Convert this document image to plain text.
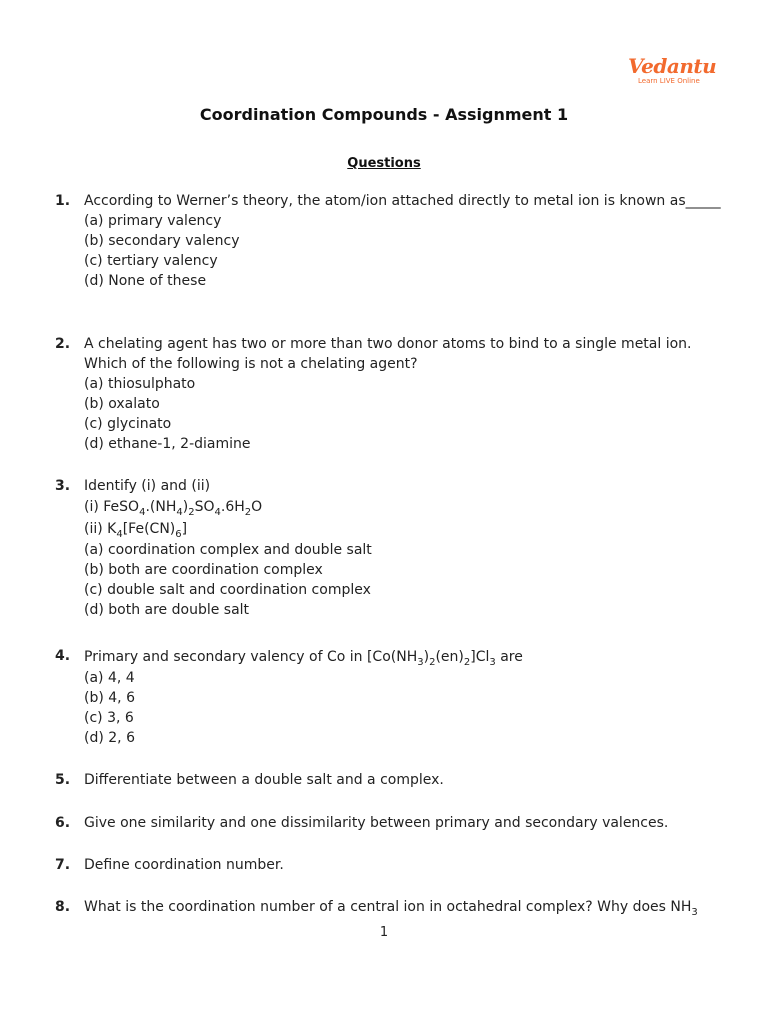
Vedantu
Learn LIVE Online
Coordination Compounds - Assignment 1
Questions
1. According to Werner’s theory, the atom/ion attached directly to metal ion is known as_____
(a) primary valency
(b) secondary valency
(c) tertiary valency
(d) None of these
2. A chelating agent has two or more than two donor atoms to bind to a single metal ion. Which of the following is not a chelating agent?
(a) thiosulphato
(b) oxalato
(c) glycinato
(d) ethane-1, 2-diamine
3. Identify (i) and (ii)
(i) $FeSO_4.(NH_4)_2SO_4.6H_2O$
(ii) $K_4[Fe(CN)_6]$
(a) coordination complex and double salt
(b) both are coordination complex
(c) double salt and coordination complex
(d) both are double salt
4. Primary and secondary valency of Co in $[Co(NH_3)_2(en)_2]Cl_3$ are
(a) 4, 4
(b) 4, 6
(c) 3, 6
(d) 2, 6
5. Differentiate between a double salt and a complex.
6. Give one similarity and one dissimilarity between primary and secondary valences.
7. Define coordination number.
8. What is the coordination number of a central ion in octahedral complex? Why does $NH_3$
1
